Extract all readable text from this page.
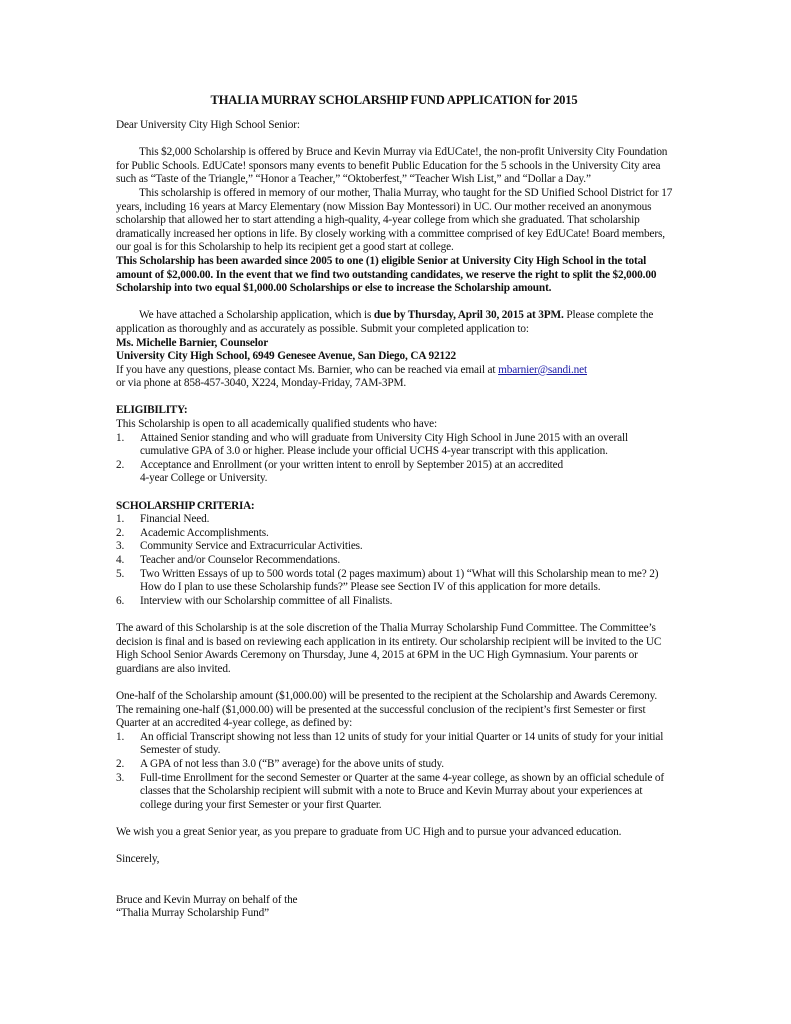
THALIA MURRAY SCHOLARSHIP FUND APPLICATION for 2015

Dear University City High School Senior:

This $2,000 Scholarship is offered by Bruce and Kevin Murray via EdUCate!, the non-profit University City Foundation for Public Schools. EdUCate! sponsors many events to benefit Public Education for the 5 schools in the University City area such as “Taste of the Triangle,” “Honor a Teacher,” “Oktoberfest,” “Teacher Wish List,” and “Dollar a Day.”

This scholarship is offered in memory of our mother, Thalia Murray, who taught for the SD Unified School District for 17 years, including 16 years at Marcy Elementary (now Mission Bay Montessori) in UC. Our mother received an anonymous scholarship that allowed her to start attending a high-quality, 4-year college from which she graduated. That scholarship dramatically increased her options in life. By closely working with a committee comprised of key EdUCate! Board members, our goal is for this Scholarship to help its recipient get a good start at college.

This Scholarship has been awarded since 2005 to one (1) eligible Senior at University City High School in the total amount of $2,000.00. In the event that we find two outstanding candidates, we reserve the right to split the $2,000.00 Scholarship into two equal $1,000.00 Scholarships or else to increase the Scholarship amount.

We have attached a Scholarship application, which is due by Thursday, April 30, 2015 at 3PM. Please complete the application as thoroughly and as accurately as possible. Submit your completed application to:

Ms. Michelle Barnier, Counselor

University City High School, 6949 Genesee Avenue, San Diego, CA 92122

If you have any questions, please contact Ms. Barnier, who can be reached via email at mbarnier@sandi.net

or via phone at 858-457-3040, X224, Monday-Friday, 7AM-3PM.

ELIGIBILITY:

This Scholarship is open to all academically qualified students who have:

1. Attained Senior standing and who will graduate from University City High School in June 2015 with an overall cumulative GPA of 3.0 or higher. Please include your official UCHS 4-year transcript with this application.
2. Acceptance and Enrollment (or your written intent to enroll by September 2015) at an accredited
4-year College or University.

SCHOLARSHIP CRITERIA:

1. Financial Need.
2. Academic Accomplishments.
3. Community Service and Extracurricular Activities.
4. Teacher and/or Counselor Recommendations.
5. Two Written Essays of up to 500 words total (2 pages maximum) about 1) “What will this Scholarship mean to me? 2) How do I plan to use these Scholarship funds?” Please see Section IV of this application for more details.
6. Interview with our Scholarship committee of all Finalists.

The award of this Scholarship is at the sole discretion of the Thalia Murray Scholarship Fund Committee. The Committee’s decision is final and is based on reviewing each application in its entirety. Our scholarship recipient will be invited to the UC High School Senior Awards Ceremony on Thursday, June 4, 2015 at 6PM in the UC High Gymnasium. Your parents or guardians are also invited.

One-half of the Scholarship amount ($1,000.00) will be presented to the recipient at the Scholarship and Awards Ceremony. The remaining one-half ($1,000.00) will be presented at the successful conclusion of the recipient’s first Semester or first Quarter at an accredited 4-year college, as defined by:

1. An official Transcript showing not less than 12 units of study for your initial Quarter or 14 units of study for your initial Semester of study.
2. A GPA of not less than 3.0 (“B” average) for the above units of study.
3. Full-time Enrollment for the second Semester or Quarter at the same 4-year college, as shown by an official schedule of classes that the Scholarship recipient will submit with a note to Bruce and Kevin Murray about your experiences at college during your first Semester or your first Quarter.

We wish you a great Senior year, as you prepare to graduate from UC High and to pursue your advanced education.

Sincerely,

Bruce and Kevin Murray on behalf of the

“Thalia Murray Scholarship Fund”
